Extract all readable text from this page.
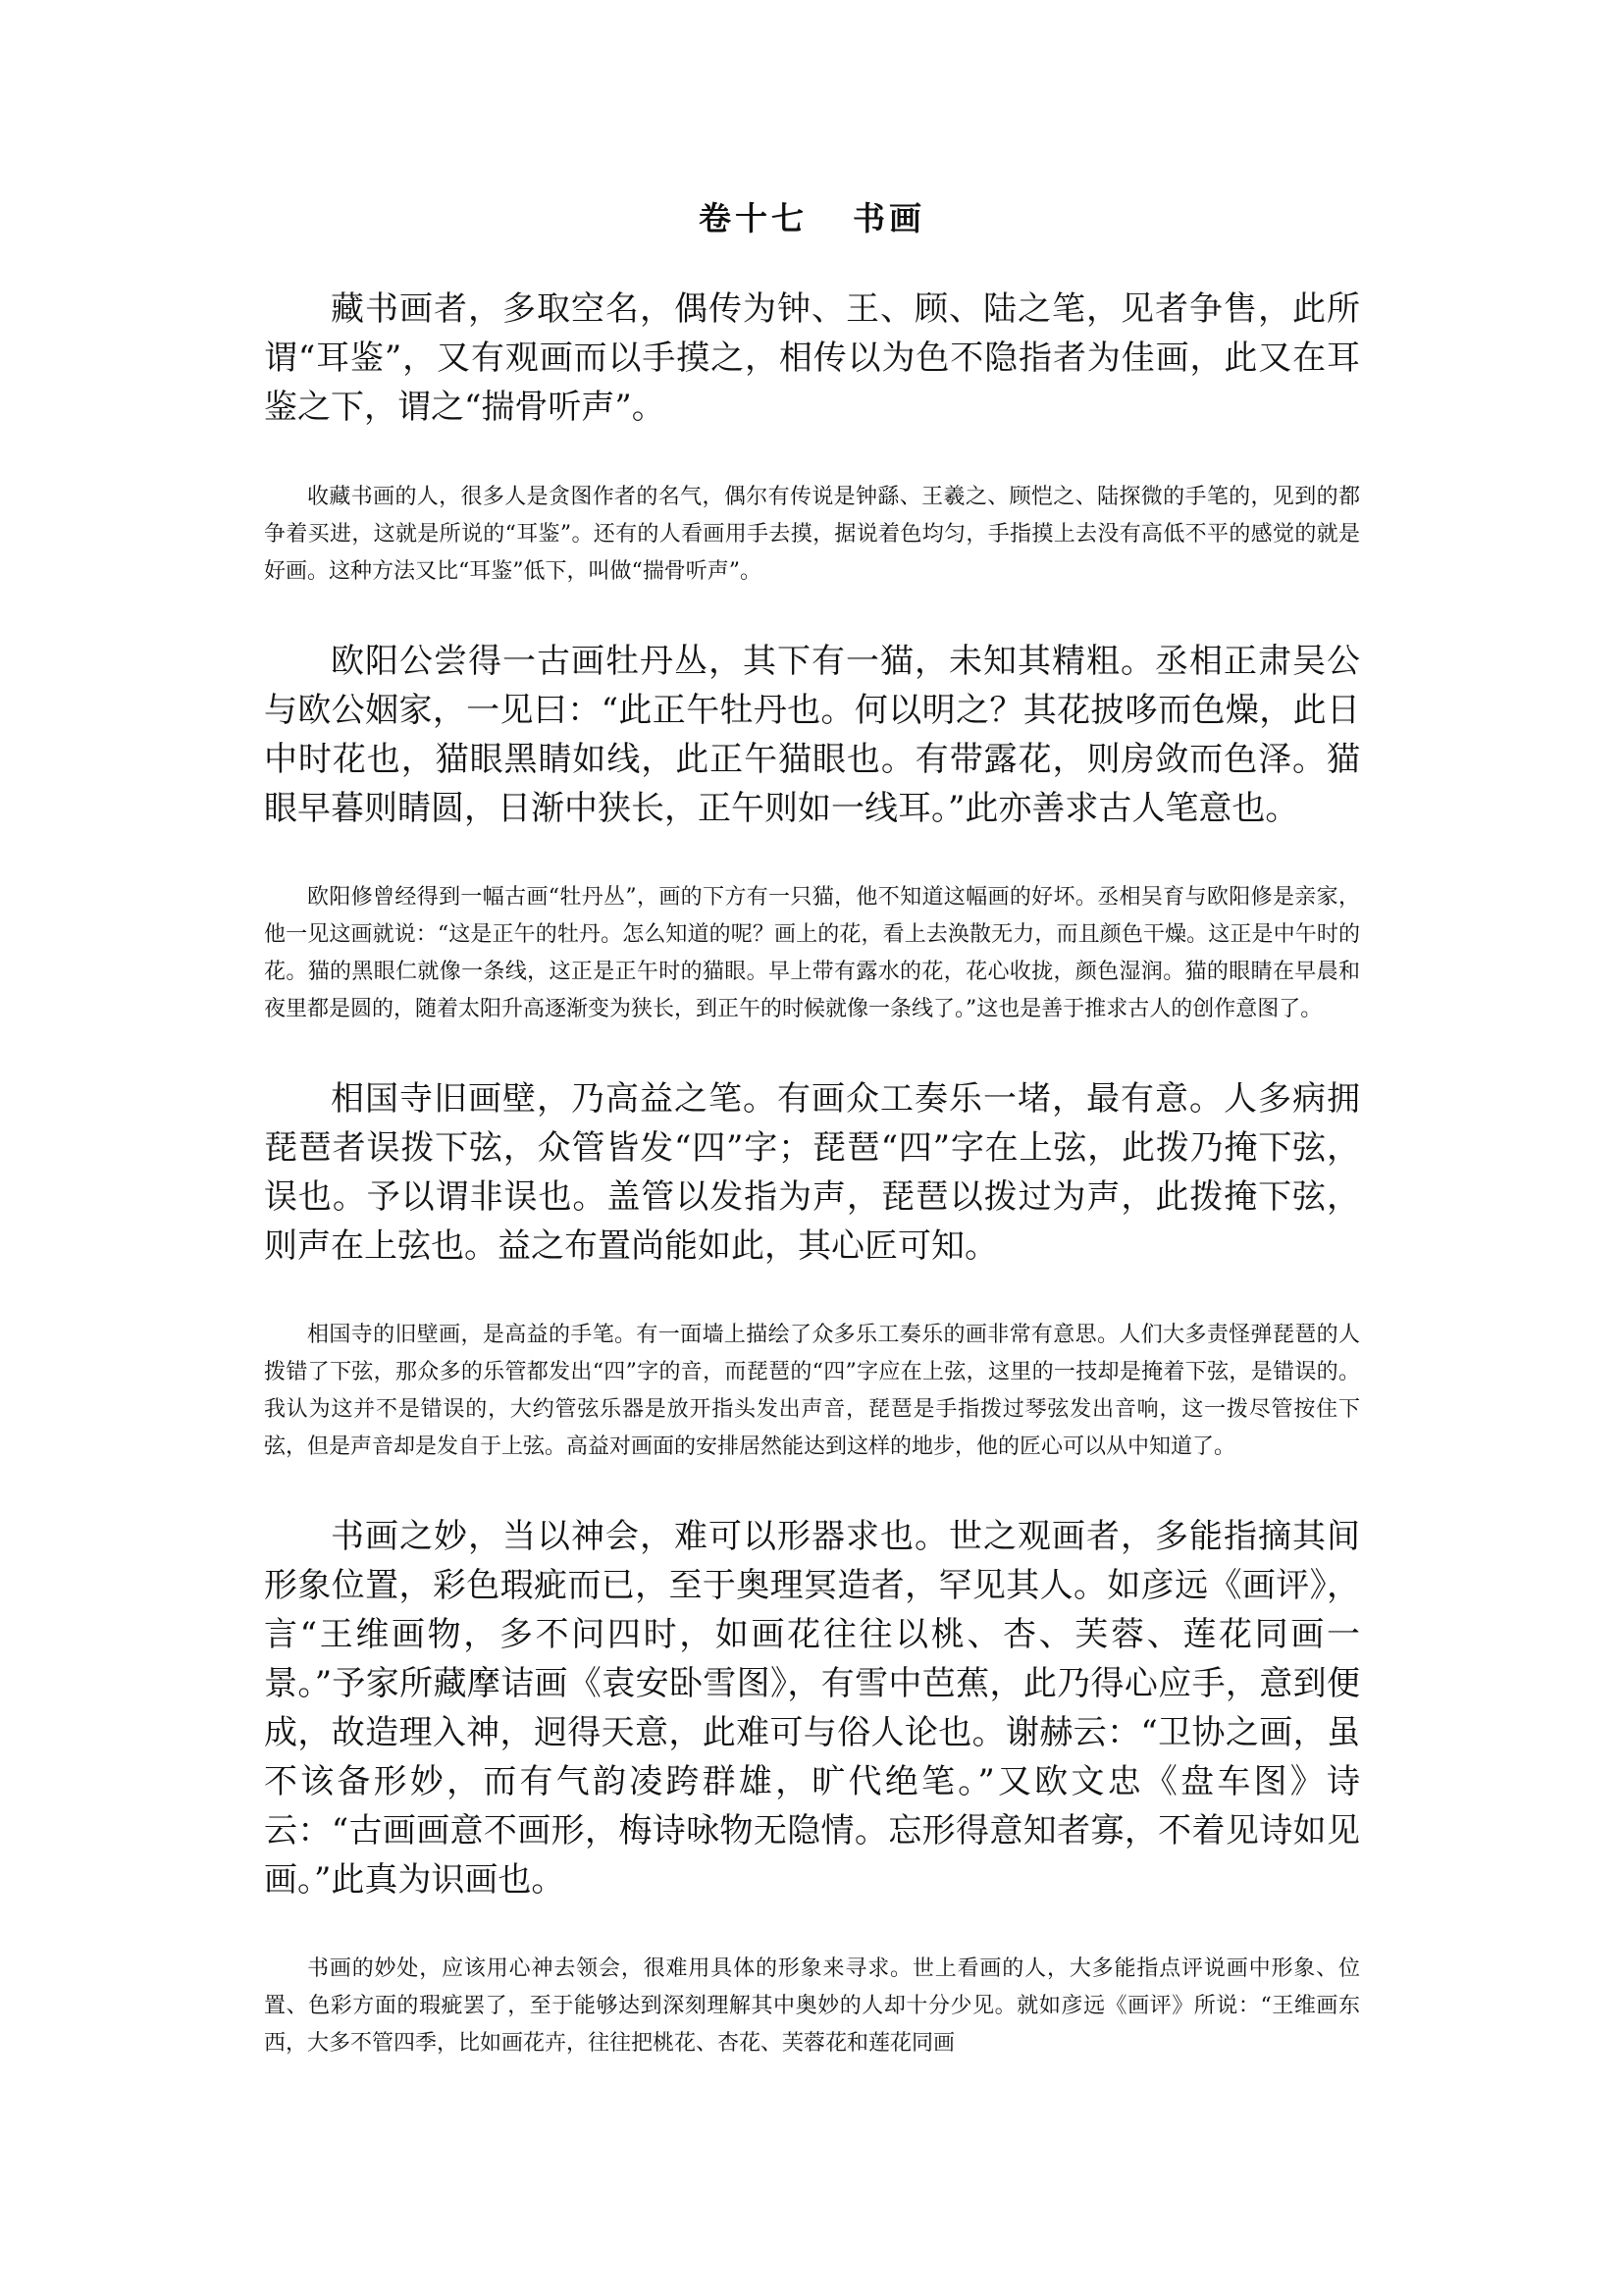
卷十七 书画

藏书画者，多取空名，偶传为钟、王、顾、陆之笔，见者争售，此所谓“耳鉴”，又有观画而以手摸之，相传以为色不隐指者为佳画，此又在耳鉴之下，谓之“揣骨听声”。

收藏书画的人，很多人是贪图作者的名气，偶尔有传说是钟繇、王羲之、顾恺之、陆探微的手笔的，见到的都争着买进，这就是所说的“耳鉴”。还有的人看画用手去摸，据说着色均匀，手指摸上去没有高低不平的感觉的就是好画。这种方法又比“耳鉴”低下，叫做“揣骨听声”。

欧阳公尝得一古画牡丹丛，其下有一猫，未知其精粗。丞相正肃吴公与欧公姻家，一见曰：“此正午牡丹也。何以明之？其花披哆而色燥，此日中时花也，猫眼黑睛如线，此正午猫眼也。有带露花，则房敛而色泽。猫眼早暮则睛圆，日渐中狭长，正午则如一线耳。”此亦善求古人笔意也。

欧阳修曾经得到一幅古画“牡丹丛”，画的下方有一只猫，他不知道这幅画的好坏。丞相吴育与欧阳修是亲家，他一见这画就说：“这是正午的牡丹。怎么知道的呢？画上的花，看上去涣散无力，而且颜色干燥。这正是中午时的花。猫的黑眼仁就像一条线，这正是正午时的猫眼。早上带有露水的花，花心收拢，颜色湿润。猫的眼睛在早晨和夜里都是圆的，随着太阳升高逐渐变为狭长，到正午的时候就像一条线了。”这也是善于推求古人的创作意图了。

相国寺旧画壁，乃高益之笔。有画众工奏乐一堵，最有意。人多病拥琵琶者误拨下弦，众管皆发“四”字；琵琶“四”字在上弦，此拨乃掩下弦，误也。予以谓非误也。盖管以发指为声，琵琶以拨过为声，此拨掩下弦，则声在上弦也。益之布置尚能如此，其心匠可知。

相国寺的旧壁画，是高益的手笔。有一面墙上描绘了众多乐工奏乐的画非常有意思。人们大多责怪弹琵琶的人拨错了下弦，那众多的乐管都发出“四”字的音，而琵琶的“四”字应在上弦，这里的一技却是掩着下弦，是错误的。我认为这并不是错误的，大约管弦乐器是放开指头发出声音，琵琶是手指拨过琴弦发出音响，这一拨尽管按住下弦，但是声音却是发自于上弦。高益对画面的安排居然能达到这样的地步，他的匠心可以从中知道了。

书画之妙，当以神会，难可以形器求也。世之观画者，多能指摘其间形象位置，彩色瑕疵而已，至于奥理冥造者，罕见其人。如彦远《画评》，言“王维画物，多不问四时，如画花往往以桃、杏、芙蓉、莲花同画一景。”予家所藏摩诘画《袁安卧雪图》，有雪中芭蕉，此乃得心应手，意到便成，故造理入神，迥得天意，此难可与俗人论也。谢赫云：“卫协之画，虽不该备形妙，而有气韵凌跨群雄，旷代绝笔。”又欧文忠《盘车图》诗云：“古画画意不画形，梅诗咏物无隐情。忘形得意知者寡，不着见诗如见画。”此真为识画也。

书画的妙处，应该用心神去领会，很难用具体的形象来寻求。世上看画的人，大多能指点评说画中形象、位置、色彩方面的瑕疵罢了，至于能够达到深刻理解其中奥妙的人却十分少见。就如彦远《画评》所说：“王维画东西，大多不管四季，比如画花卉，往往把桃花、杏花、芙蓉花和莲花同画
